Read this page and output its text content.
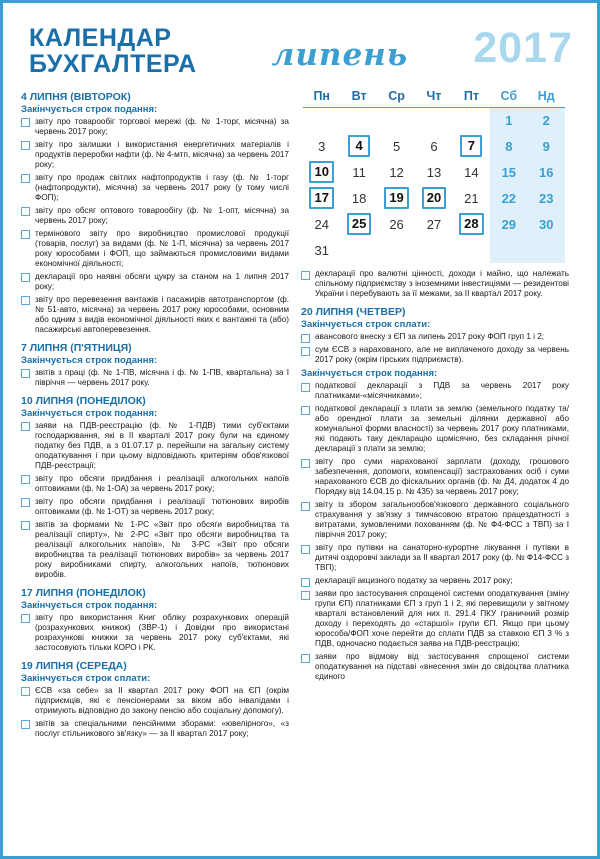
КАЛЕНДАР
БУХГАЛТЕРА липень 2017
4 ЛИПНЯ (ВІВТОРОК)
Закінчується строк подання:
звіту про товарообіг торгової мережі (ф. № 1-торг, місячна) за червень 2017 року;
звіту про залишки і використання енергетичних матеріалів і продуктів переробки нафти (ф. № 4-мтп, місячна) за червень 2017 року;
звіту про продаж світлих нафтопродуктів і газу (ф. № 1-торг (нафтопродукти), місячна) за червень 2017 року (у тому числі ФОП);
звіту про обсяг оптового товарообігу (ф. № 1-опт, місячна) за червень 2017 року;
термінового звіту про виробництво промислової продукції (товарів, послуг) за видами (ф. № 1-П, місячна) за червень 2017 року юрособами і ФОП, що займаються промисловими видами економічної діяльності;
декларації про наявні обсяги цукру за станом на 1 липня 2017 року;
звіту про перевезення вантажів і пасажирів автотранспортом (ф. № 51-авто, місячна) за червень 2017 року юрособами, основним або одним з видів економічної діяльності яких є вантажні та (або) пасажирські автоперевезення.
7 ЛИПНЯ (П'ЯТНИЦЯ)
Закінчується строк подання:
звітів з праці (ф. № 1-ПВ, місячна і ф. № 1-ПВ, квартальна) за I півріччя — червень 2017 року.
10 ЛИПНЯ (ПОНЕДІЛОК)
Закінчується строк подання:
заяви на ПДВ-реєстрацію (ф. № 1-ПДВ) тими суб'єктами господарювання, які в II кварталі 2017 року були на єдиному податку без ПДВ, а з 01.07.17 р. перейшли на загальну систему оподаткування і при цьому відповідають критеріям обов'язкової ПДВ-реєстрації;
звіту про обсяги придбання і реалізації алкогольних напоїв оптовиками (ф. № 1-ОА) за червень 2017 року;
звіту про обсяги придбання і реалізації тютюнових виробів оптовиками (ф. № 1-ОТ) за червень 2017 року;
звітів за формами № 1-РС «Звіт про обсяги виробництва та реалізації спирту», № 2-РС «Звіт про обсяги виробництва та реалізації алкогольних напоїв», № 3-РС «Звіт про обсяги виробництва та реалізації тютюнових виробів» за червень 2017 року виробниками спирту, алкогольних напоїв, тютюнових виробів.
17 ЛИПНЯ (ПОНЕДІЛОК)
Закінчується строк подання:
звіту про використання Книг обліку розрахункових операцій (розрахункових книжок) (ЗВР-1) і Довідки про використані розрахункові книжки за червень 2017 року суб'єктами, які застосовують тільки КОРО і РК.
19 ЛИПНЯ (СЕРЕДА)
Закінчується строк сплати:
ЄСВ «за себе» за II квартал 2017 року ФОП на ЄП (окрім підприємців, які є пенсіонерами за віком або інвалідами і отримують відповідно до закону пенсію або соціальну допомогу).
звітів за спеціальними пенсійними зборами: «ювелірного», «з послуг стільникового зв'язку» — за II квартал 2017 року;
Пн	Вт	Ср	Чт	Пт	Сб	Нд
					1	2
3	4	5	6	7	8	9
10	11	12	13	14	15	16
17	18	19	20	21	22	23
24	25	26	27	28	29	30
31						
декларації про валютні цінності, доходи і майно, що належать спільному підприємству з іноземними інвестиціями — резидентові України і перебувають за її межами, за II квартал 2017 року.
20 ЛИПНЯ (ЧЕТВЕР)
Закінчується строк сплати:
авансового внеску з ЄП за липень 2017 року ФОП груп 1 і 2;
сум ЄСВ з нарахованого, але не виплаченого доходу за червень 2017 року (окрім гірських підприємств).
Закінчується строк подання:
податкової декларації з ПДВ за червень 2017 року платниками-«місячниками»;
податкової декларації з плати за землю (земельного податку та/або орендної плати за земельні ділянки державної або комунальної форми власності) за червень 2017 року платниками, які подають таку декларацію щомісячно, без складання річної декларації з плати за землю;
звіту про суми нарахованої зарплати (доходу, грошового забезпечення, допомоги, компенсації) застрахованих осіб і суми нарахованого ЄСВ до фіскальних органів (ф. № Д4, додаток 4 до Порядку від 14.04.15 р. № 435) за червень 2017 року;
звіту із збором загальнообов'язкового державного соціального страхування у зв'язку з тимчасовою втратою працездатності з витратами, зумовленими похованням (ф. № Ф4-ФСС з ТВП) за I півріччя 2017 року;
звіту про путівки на санаторно-курортне лікування і путівки в дитячі оздоровчі заклади за II квартал 2017 року (ф. № Ф14-ФСС з ТВП);
декларації акцизного податку за червень 2017 року;
заяви про застосування спрощеної системи оподаткування (зміну групи ЄП) платниками ЄП з груп 1 і 2, які перевищили у звітному кварталі встановлений для них п. 291.4 ПКУ граничний розмір доходу і переходять до «старшої» групи ЄП. Якщо при цьому юрособа/ФОП хоче перейти до сплати ПДВ за ставкою ЄП 3 % з ПДВ, одночасно подається заява на ПДВ-реєстрацію;
заяви про відмову від застосування спрощеної системи оподаткування на підставі «внесення змін до свідоцтва платника єдиного
